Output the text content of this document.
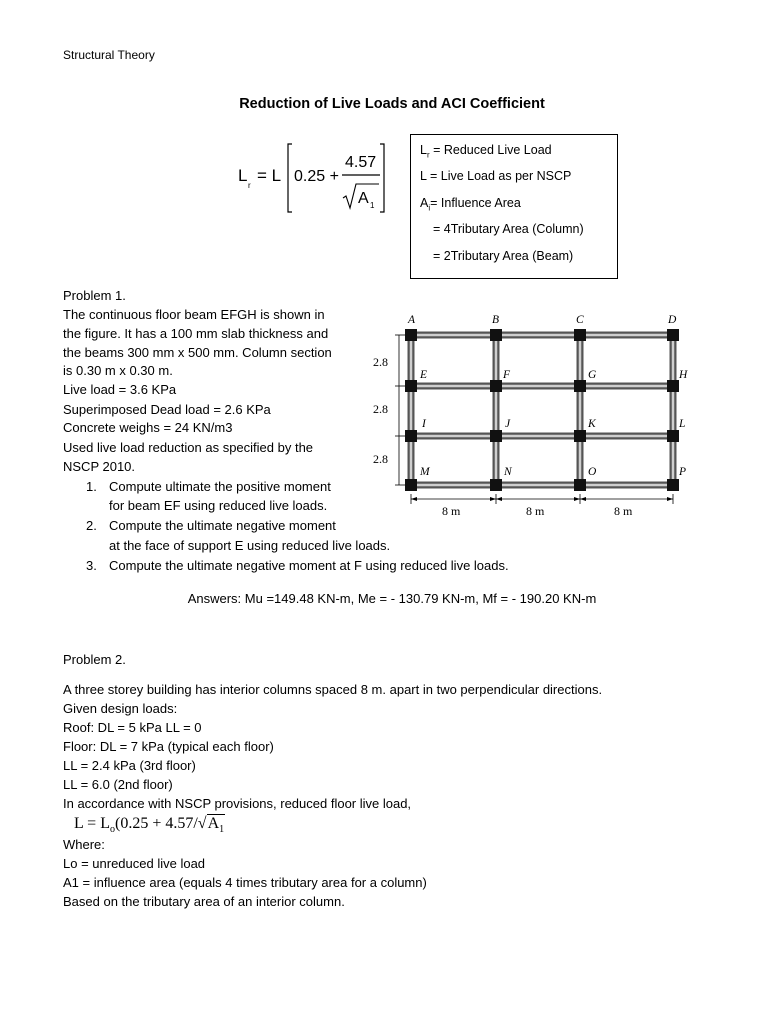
Structural Theory
Reduction of Live Loads and ACI Coefficient
L
r
= L 0.25 +
4.57
A 1
$L_r$ = Reduced Live Load
L = Live Load as per NSCP
$A_i=$ Influence Area
= 4Tributary Area (Column)
= 2Tributary Area (Beam)
Problem 1.
The continuous floor beam EFGH is shown in
the figure. It has a 100 mm slab thickness and
the beams 300 mm x 500 mm. Column section
is 0.30 m x 0.30 m.
Live load = 3.6 KPa
Superimposed Dead load = 2.6 KPa
Concrete weighs = 24 KN/m3
Used live load reduction as specified by the
NSCP 2010.
1. Compute ultimate the positive moment
for beam EF using reduced live loads.
2. Compute the ultimate negative moment
at the face of support E using reduced live loads.
3. Compute the ultimate negative moment at F using reduced live loads.
Answers: Mu =149.48 KN-m, Me = - 130.79 KN-m, Mf = - 190.20 KN-m
A	B	C	D
E	F	G	H
I	J	K	L
M	N	O	P
2.8
2.8
2.8
8 m	8 m	8 m
Problem 2.
A three storey building has interior columns spaced 8 m. apart in two perpendicular directions.
Given design loads:
Roof: DL = 5 kPa LL = 0
Floor: DL = 7 kPa (typical each floor)
LL = 2.4 kPa (3rd floor)
LL = 6.0 (2nd floor)
In accordance with NSCP provisions, reduced floor live load,
$L = L_o(0.25 + 4.57/√A_1$
Where:
Lo = unreduced live load
A1 = influence area (equals 4 times tributary area for a column)
Based on the tributary area of an interior column.
